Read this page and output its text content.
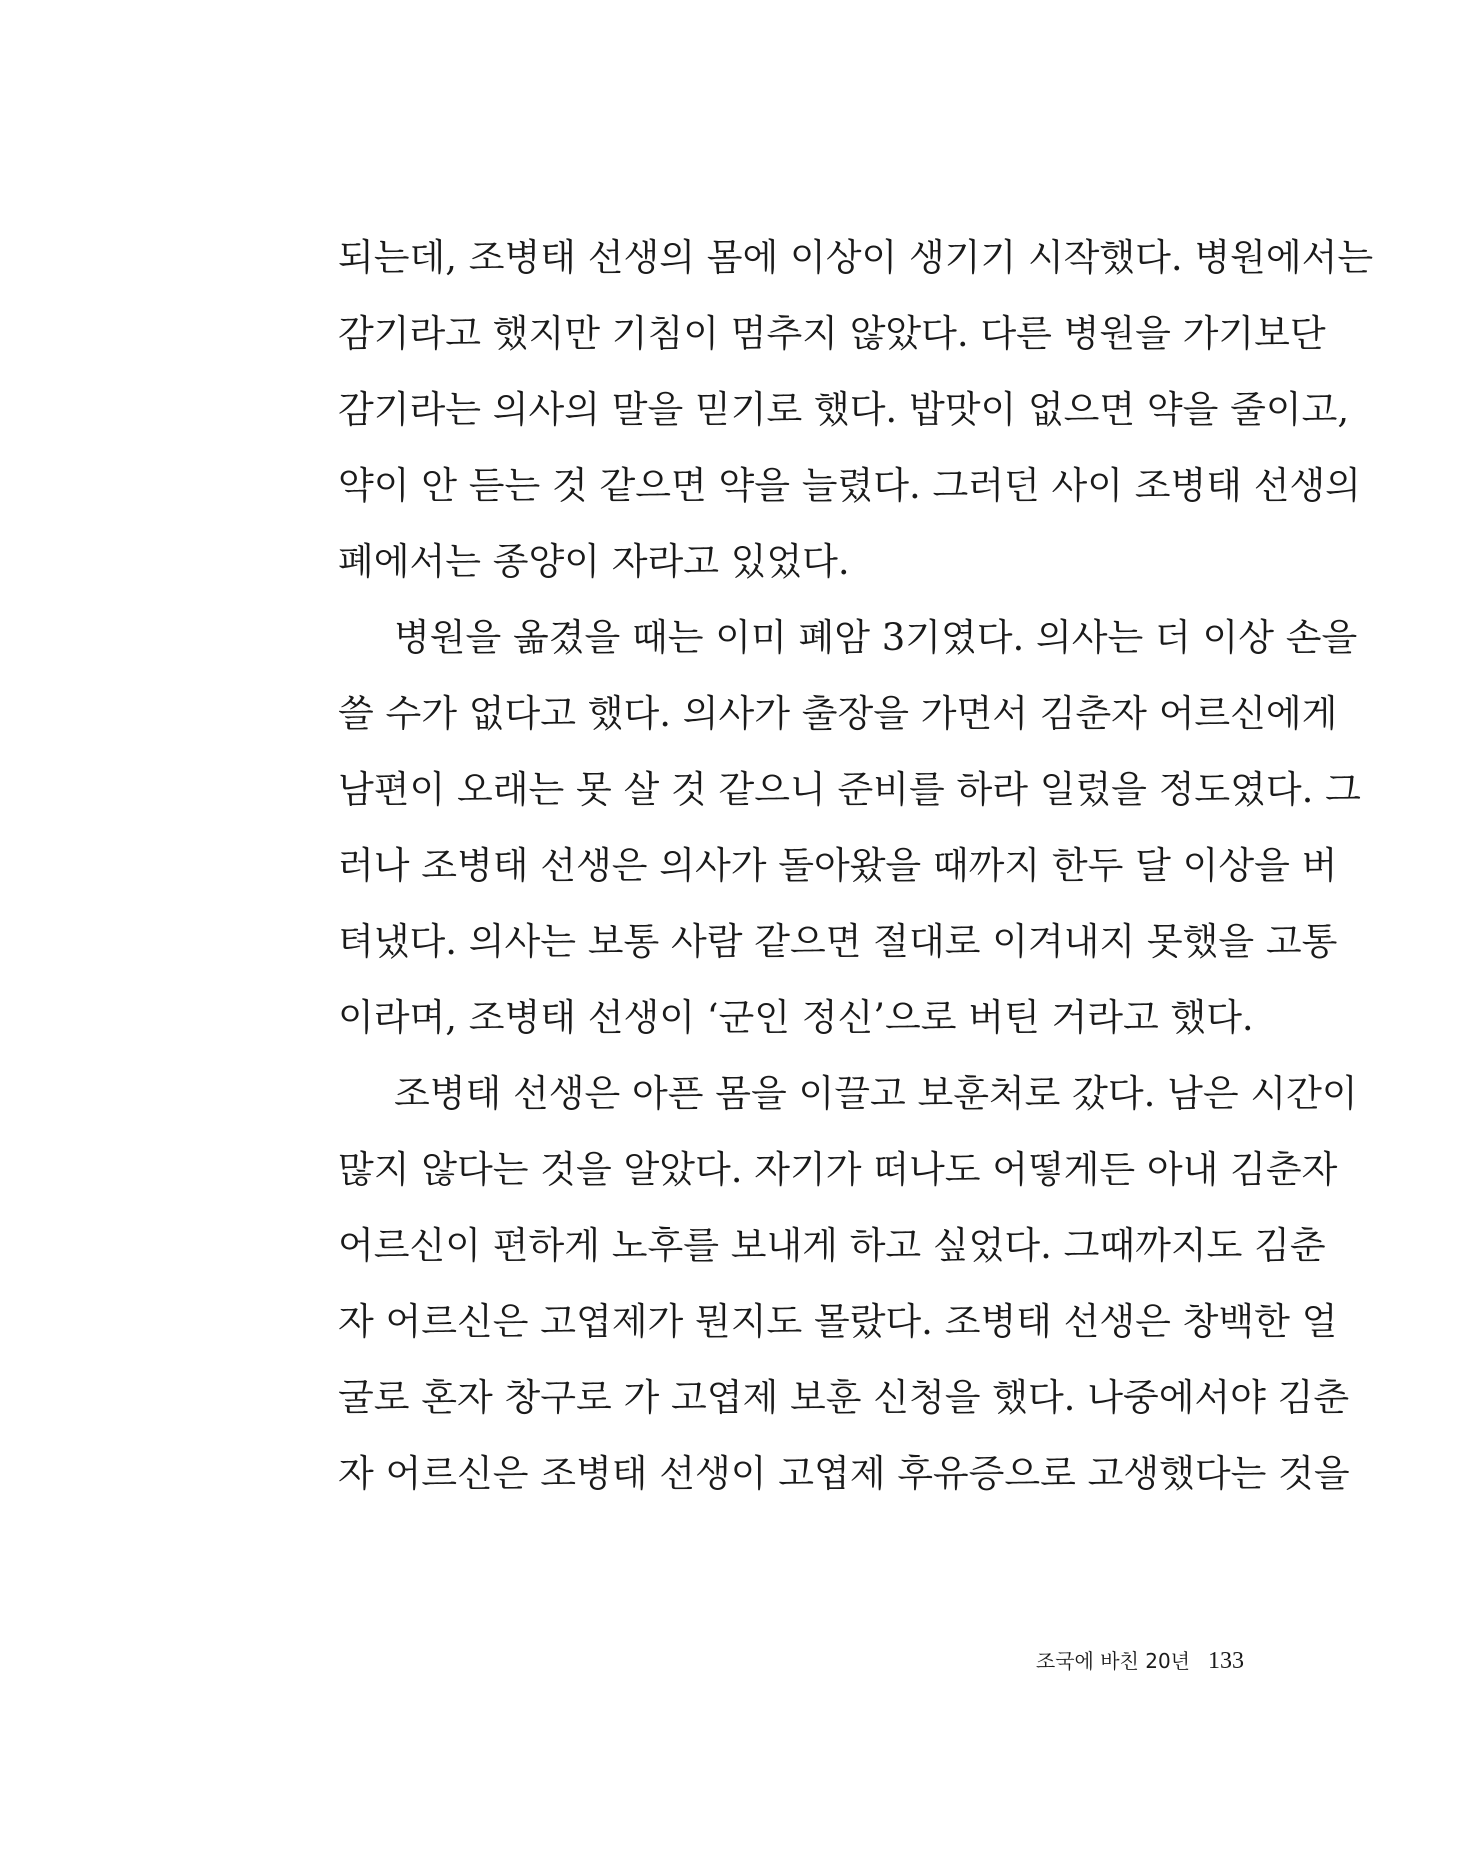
되는데, 조병태 선생의 몸에 이상이 생기기 시작했다. 병원에서는
감기라고 했지만 기침이 멈추지 않았다. 다른 병원을 가기보단
감기라는 의사의 말을 믿기로 했다. 밥맛이 없으면 약을 줄이고,
약이 안 듣는 것 같으면 약을 늘렸다. 그러던 사이 조병태 선생의
폐에서는 종양이 자라고 있었다.
병원을 옮겼을 때는 이미 폐암 3기였다. 의사는 더 이상 손을
쓸 수가 없다고 했다. 의사가 출장을 가면서 김춘자 어르신에게
남편이 오래는 못 살 것 같으니 준비를 하라 일렀을 정도였다. 그
러나 조병태 선생은 의사가 돌아왔을 때까지 한두 달 이상을 버
텨냈다. 의사는 보통 사람 같으면 절대로 이겨내지 못했을 고통
이라며, 조병태 선생이 ‘군인 정신’으로 버틴 거라고 했다.
조병태 선생은 아픈 몸을 이끌고 보훈처로 갔다. 남은 시간이
많지 않다는 것을 알았다. 자기가 떠나도 어떻게든 아내 김춘자
어르신이 편하게 노후를 보내게 하고 싶었다. 그때까지도 김춘
자 어르신은 고엽제가 뭔지도 몰랐다. 조병태 선생은 창백한 얼
굴로 혼자 창구로 가 고엽제 보훈 신청을 했다. 나중에서야 김춘
자 어르신은 조병태 선생이 고엽제 후유증으로 고생했다는 것을
조국에 바친 20년 133
